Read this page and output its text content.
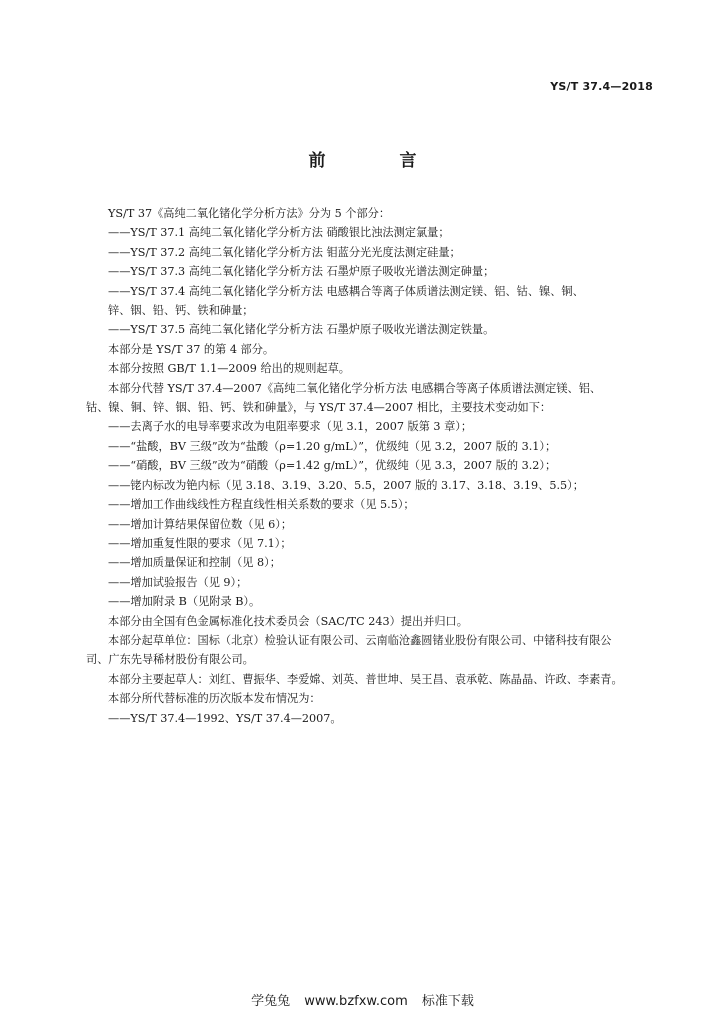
YS/T 37.4—2018
前 言
YS/T 37《高纯二氧化锗化学分析方法》分为 5 个部分：
——YS/T 37.1 高纯二氧化锗化学分析方法 硝酸银比浊法测定氯量；
——YS/T 37.2 高纯二氧化锗化学分析方法 钼蓝分光光度法测定硅量；
——YS/T 37.3 高纯二氧化锗化学分析方法 石墨炉原子吸收光谱法测定砷量；
——YS/T 37.4 高纯二氧化锗化学分析方法 电感耦合等离子体质谱法测定镁、铝、钴、镍、铜、
锌、铟、铅、钙、铁和砷量；
——YS/T 37.5 高纯二氧化锗化学分析方法 石墨炉原子吸收光谱法测定铁量。
本部分是 YS/T 37 的第 4 部分。
本部分按照 GB/T 1.1—2009 给出的规则起草。
本部分代替 YS/T 37.4—2007《高纯二氧化锗化学分析方法 电感耦合等离子体质谱法测定镁、铝、
钴、镍、铜、锌、铟、铅、钙、铁和砷量》，与 YS/T 37.4—2007 相比，主要技术变动如下：
——去离子水的电导率要求改为电阻率要求（见 3.1，2007 版第 3 章）；
——“盐酸，BV 三级”改为“盐酸（ρ=1.20 g/mL）”，优级纯（见 3.2，2007 版的 3.1）；
——“硝酸，BV 三级”改为“硝酸（ρ=1.42 g/mL）”，优级纯（见 3.3，2007 版的 3.2）；
——铑内标改为铯内标（见 3.18、3.19、3.20、5.5，2007 版的 3.17、3.18、3.19、5.5）；
——增加工作曲线线性方程直线性相关系数的要求（见 5.5）；
——增加计算结果保留位数（见 6）；
——增加重复性限的要求（见 7.1）；
——增加质量保证和控制（见 8）；
——增加试验报告（见 9）；
——增加附录 B（见附录 B）。
本部分由全国有色金属标准化技术委员会（SAC/TC 243）提出并归口。
本部分起草单位：国标（北京）检验认证有限公司、云南临沧鑫圆锗业股份有限公司、中锗科技有限公
司、广东先导稀材股份有限公司。
本部分主要起草人：刘红、曹振华、李爱嫦、刘英、普世坤、吴王昌、袁承乾、陈晶晶、许政、李素青。
本部分所代替标准的历次版本发布情况为：
——YS/T 37.4—1992、YS/T 37.4—2007。
学兔兔 www.bzfxw.com 标准下载
